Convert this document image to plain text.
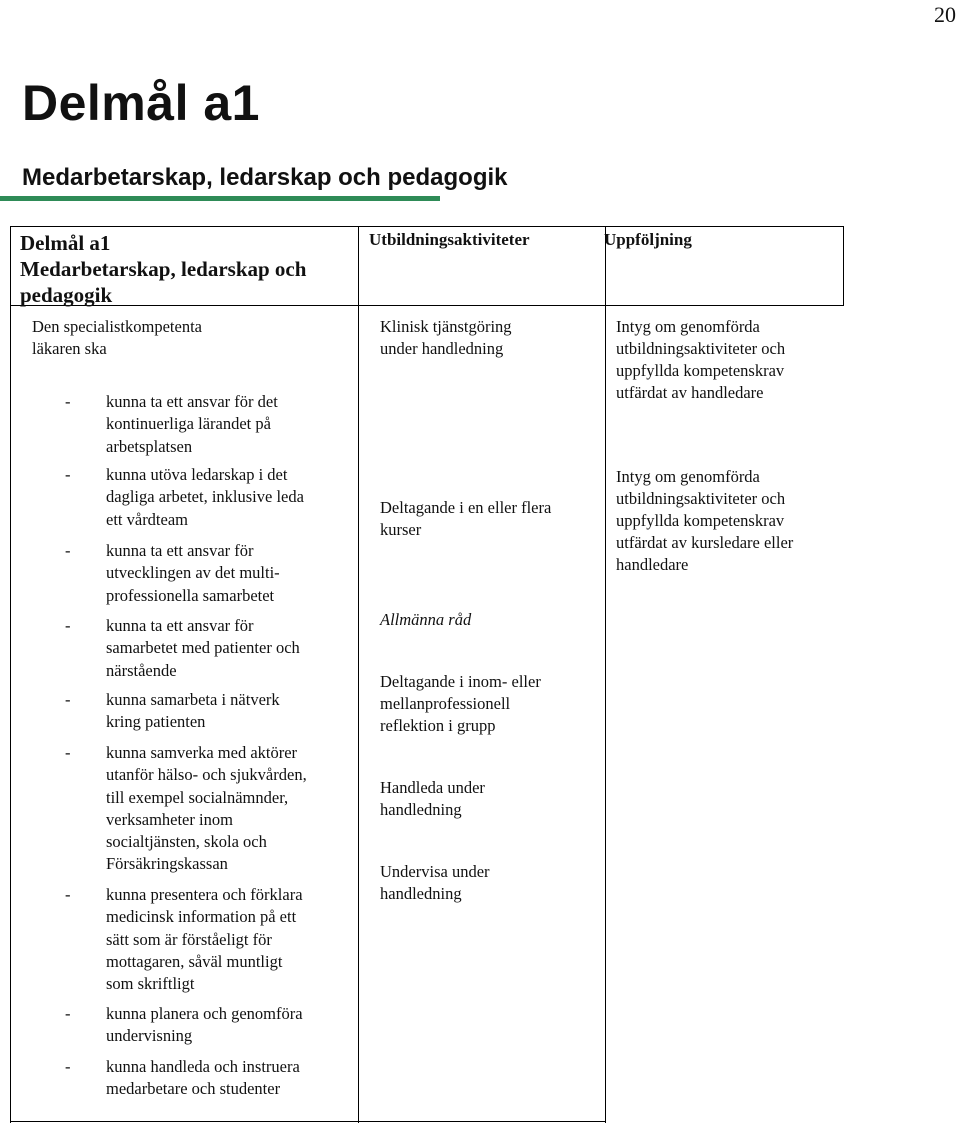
20
Delmål a1
Medarbetarskap, ledarskap och pedagogik
Delmål a1
Medarbetarskap, ledarskap och
pedagogik
Utbildningsaktiviteter	Uppföljning
Den specialistkompetenta
läkaren ska
- kunna ta ett ansvar för det
kontinuerliga lärandet på
arbetsplatsen
- kunna utöva ledarskap i det
dagliga arbetet, inklusive leda
ett vårdteam
- kunna ta ett ansvar för
utvecklingen av det multi-
professionella samarbetet
- kunna ta ett ansvar för
samarbetet med patienter och
närstående
- kunna samarbeta i nätverk
kring patienten
- kunna samverka med aktörer
utanför hälso- och sjukvården,
till exempel socialnämnder,
verksamheter inom
socialtjänsten, skola och
Försäkringskassan
- kunna presentera och förklara
medicinsk information på ett
sätt som är förståeligt för
mottagaren, såväl muntligt
som skriftligt
- kunna planera och genomföra
undervisning
- kunna handleda och instruera
medarbetare och studenter
Klinisk tjänstgöring
under handledning
Deltagande i en eller flera
kurser
Allmänna råd
Deltagande i inom- eller
mellanprofessionell
reflektion i grupp
Handleda under
handledning
Undervisa under
handledning
Intyg om genomförda
utbildningsaktiviteter och
uppfyllda kompetenskrav
utfärdat av handledare
Intyg om genomförda
utbildningsaktiviteter och
uppfyllda kompetenskrav
utfärdat av kursledare eller
handledare
